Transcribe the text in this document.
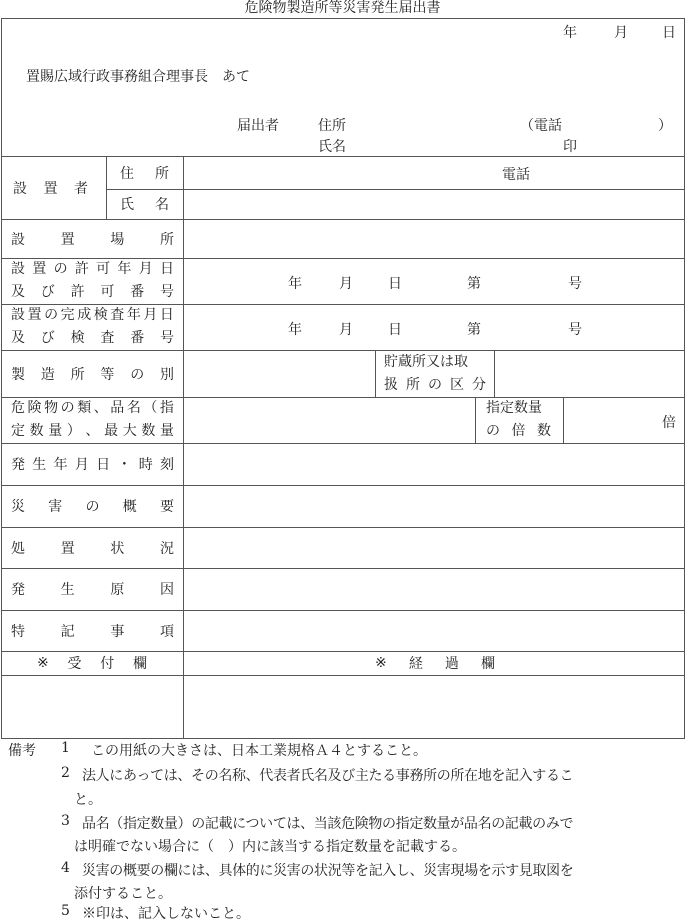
危険物製造所等災害発生届出書
年	月 日
置賜広域行政事務組合理事長　あて
届出者	住所	（電話	）
氏名	印
設 置 者
住 所	電話
氏 名
設	置	場	所
設 置 の 許 可 年 月 日
及 び 許 可 番 号	年	月	日	第	号
設 置 の 完 成 検 査 年 月 日
及 び 検 査 番 号	年	月	日	第	号
製 造 所 等 の 別
貯蔵所又は取
扱 所 の 区 分
危 険 物 の 類 、 品 名 （ 指
定 数 量 ） 、 最 大 数 量
指定数量
の 倍 数	倍
発 生 年 月 日 ・ 時 刻
災 害 の 概 要
処	置	状	況
発	生	原	因
特	記	事	項
※ 受 付 欄	※ 経 過 欄
備考 1 この用紙の大きさは、日本工業規格Ａ４とすること。
2 法人にあっては、その名称、代表者氏名及び主たる事務所の所在地を記入するこ
と。
3 品名（指定数量）の記載については、当該危険物の指定数量が品名の記載のみで
は明確でない場合に（　）内に該当する指定数量を記載する。
4 災害の概要の欄には、具体的に災害の状況等を記入し、災害現場を示す見取図を
添付すること。
5 ※印は、記入しないこと。
